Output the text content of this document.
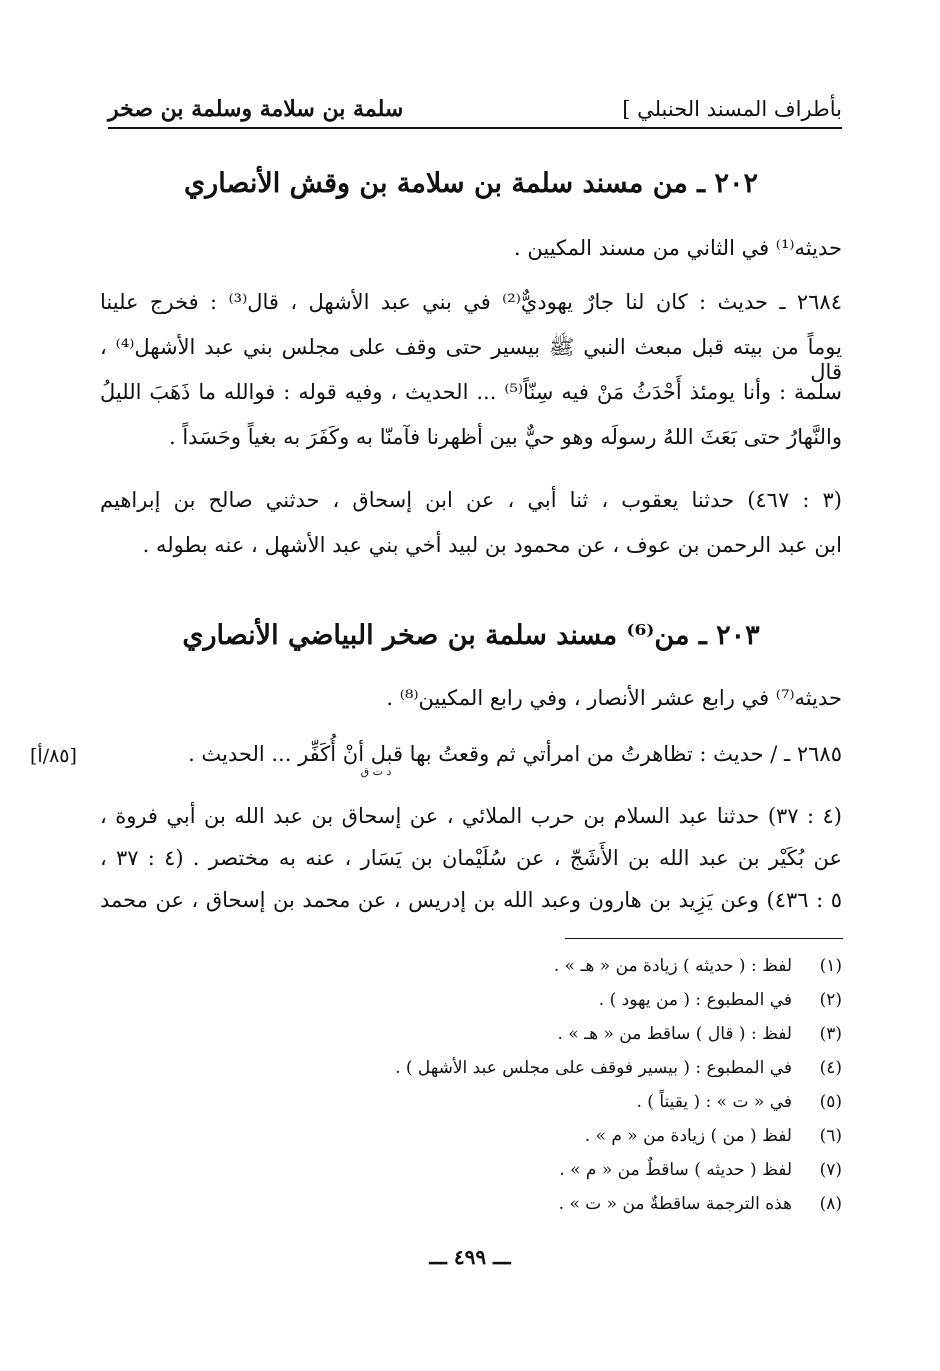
بأطراف المسند الحنبلي ]
سلمة بن سلامة وسلمة بن صخر
٢٠٢ ـ من مسند سلمة بن سلامة بن وقش الأنصاري
حديثه⁽¹⁾ في الثاني من مسند المكيين .
٢٦٨٤ ـ حديث : كان لنا جارٌ يهوديٌّ⁽²⁾ في بني عبد الأشهل ، قال⁽³⁾ : فخرج علينا
يوماً من بيته قبل مبعث النبي ﷺ بيسير حتى وقف على مجلس بني عبد الأشهل⁽⁴⁾ ، قال
سلمة : وأنا يومئذ أَحْدَثُ مَنْ فيه سِنّاً⁽⁵⁾ ... الحديث ، وفيه قوله : فوالله ما ذَهَبَ الليلُ
والنَّهارُ حتى بَعَثَ اللهُ رسولَه وهو حيٌّ بين أظهرنا فآمنّا به وكَفَرَ به بغياً وحَسَداً .
(٣ : ٤٦٧) حدثنا يعقوب ، ثنا أبي ، عن ابن إسحاق ، حدثني صالح بن إبراهيم
ابن عبد الرحمن بن عوف ، عن محمود بن لبيد أخي بني عبد الأشهل ، عنه بطوله .
٢٠٣ ـ من⁽⁶⁾ مسند سلمة بن صخر البياضي الأنصاري
حديثه⁽⁷⁾ في رابع عشر الأنصار ، وفي رابع المكيين⁽⁸⁾ .
٢٦٨٥ ـ / حديث : تظاهرتُ من امرأتي ثم وقعتُ بها قبل أنْ أُكَفِّر ... الحديث . $_{د ت ق}$
[٨٥/أ]
(٤ : ٣٧) حدثنا عبد السلام بن حرب الملائي ، عن إسحاق بن عبد الله بن أبي فروة ،
عن بُكَيْر بن عبد الله بن الأَشَجّ ، عن سُلَيْمان بن يَسَار ، عنه به مختصر . (٤ : ٣٧ ،
٥ : ٤٣٦) وعن يَزِيد بن هارون وعبد الله بن إدريس ، عن محمد بن إسحاق ، عن محمد
(١)
لفظ : ( حديثه ) زيادة من « هـ » .
(٢)
في المطبوع : ( من يهود ) .
(٣)
لفظ : ( قال ) ساقط من « هـ » .
(٤)
في المطبوع : ( بيسير فوقف على مجلس عبد الأشهل ) .
(٥)
في « ت » : ( يقيناً ) .
(٦)
لفظ ( من ) زيادة من « م » .
(٧)
لفظ ( حديثه ) ساقطٌ من « م » .
(٨)
هذه الترجمة ساقطةٌ من « ت » .
ـــ ٤٩٩ ـــ
